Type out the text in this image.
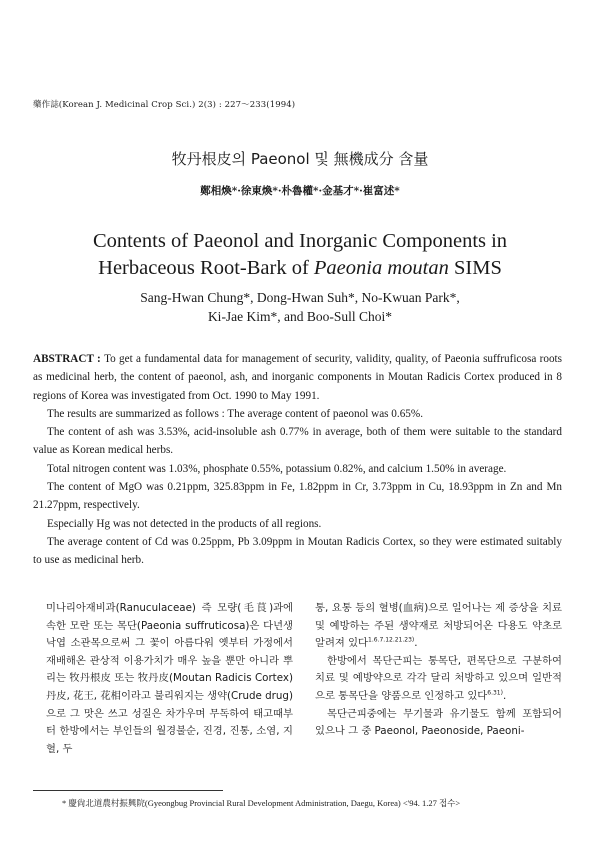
藥作誌(Korean J. Medicinal Crop Sci.) 2(3) : 227～233(1994)
牧丹根皮의 Paeonol 및 無機成分 含量
鄭相煥*·徐東煥*·朴魯權*·金基才*·崔富述*
Contents of Paeonol and Inorganic Components in
Herbaceous Root-Bark of Paeonia moutan SIMS
Sang-Hwan Chung*, Dong-Hwan Suh*, No-Kwuan Park*,
Ki-Jae Kim*, and Boo-Sull Choi*

ABSTRACT : To get a fundamental data for management of security, validity, quality, of Paeonia suffruficosa roots as medicinal herb, the content of paeonol, ash, and inorganic components in Moutan Radicis Cortex produced in 8 regions of Korea was investigated from Oct. 1990 to May 1991.

The results are summarized as follows : The average content of paeonol was 0.65%.

The content of ash was 3.53%, acid-insoluble ash 0.77% in average, both of them were suitable to the standard value as Korean medical herbs.

Total nitrogen content was 1.03%, phosphate 0.55%, potassium 0.82%, and calcium 1.50% in average.

The content of MgO was 0.21ppm, 325.83ppm in Fe, 1.82ppm in Cr, 3.73ppm in Cu, 18.93ppm in Zn and Mn 21.27ppm, respectively.

Especially Hg was not detected in the products of all regions.

The average content of Cd was 0.25ppm, Pb 3.09ppm in Moutan Radicis Cortex, so they were estimated suitably to use as medicinal herb.

미나리아재비과(Ranuculaceae) 즉 모량(毛茛)과에 속한 모란 또는 목단(Paeonia suffruticosa)은 다년생 낙엽 소관목으로써 그 꽃이 아름다워 옛부터 가정에서 재배해온 관상적 이용가치가 매우 높을 뿐만 아니라 뿌리는 牧丹根皮 또는 牧丹皮(Moutan Radicis Cortex) 丹皮, 花王, 花相이라고 불리워지는 생약(Crude drug)으로 그 맛은 쓰고 성질은 차가우며 무독하여 태고때부터 한방에서는 부인들의 월경불순, 진경, 진통, 소염, 지혈, 두

통, 요통 등의 혈병(血病)으로 일어나는 제 증상을 치료 및 예방하는 주된 생약재로 처방되어온 다용도 약초로 알려져 있다$^{1.6.7.12.21.23)}$.

한방에서 목단근피는 통목단, 편목단으로 구분하여 치료 및 예방약으로 각각 달리 처방하고 있으며 일반적으로 통목단을 양품으로 인정하고 있다$^{6.31)}$.

목단근피중에는 무기물과 유기물도 함께 포함되어 있으나 그 중 Paeonol, Paeonoside, Paeoni-

* 慶尙北道農村振興院(Gyeongbug Provincial Rural Development Administration, Daegu, Korea) <'94. 1.27 접수>
